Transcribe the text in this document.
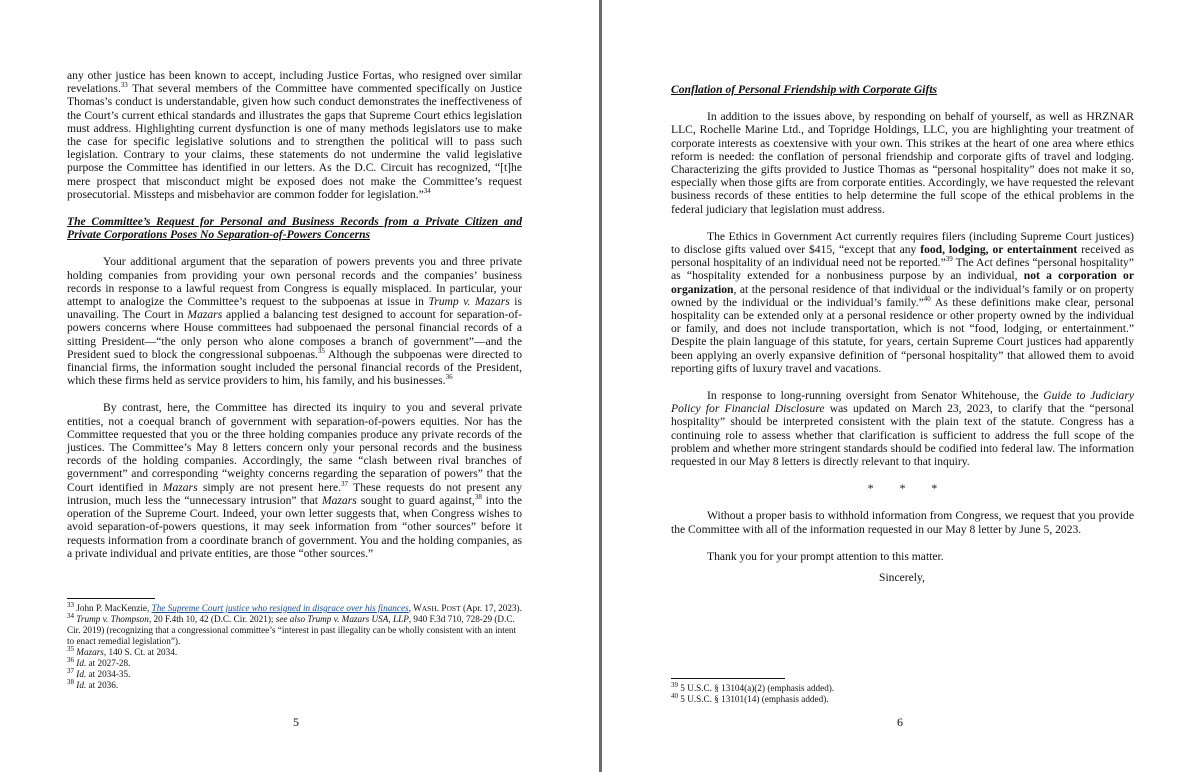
any other justice has been known to accept, including Justice Fortas, who resigned over similar revelations.$^{33}$ That several members of the Committee have commented specifically on Justice Thomas’s conduct is understandable, given how such conduct demonstrates the ineffectiveness of the Court’s current ethical standards and illustrates the gaps that Supreme Court ethics legislation must address. Highlighting current dysfunction is one of many methods legislators use to make the case for specific legislative solutions and to strengthen the political will to pass such legislation. Contrary to your claims, these statements do not undermine the valid legislative purpose the Committee has identified in our letters. As the D.C. Circuit has recognized, “[t]he mere prospect that misconduct might be exposed does not make the Committee’s request prosecutorial. Missteps and misbehavior are common fodder for legislation.”$^{34}$

The Committee’s Request for Personal and Business Records from a Private Citizen and Private Corporations Poses No Separation-of-Powers Concerns

Your additional argument that the separation of powers prevents you and three private holding companies from providing your own personal records and the companies’ business records in response to a lawful request from Congress is equally misplaced. In particular, your attempt to analogize the Committee’s request to the subpoenas at issue in Trump v. Mazars is unavailing. The Court in Mazars applied a balancing test designed to account for separation-of-powers concerns where House committees had subpoenaed the personal financial records of a sitting President—“the only person who alone composes a branch of government”—and the President sued to block the congressional subpoenas.$^{35}$ Although the subpoenas were directed to financial firms, the information sought included the personal financial records of the President, which these firms held as service providers to him, his family, and his businesses.$^{36}$

By contrast, here, the Committee has directed its inquiry to you and several private entities, not a coequal branch of government with separation-of-powers equities. Nor has the Committee requested that you or the three holding companies produce any private records of the justices. The Committee’s May 8 letters concern only your personal records and the business records of the holding companies. Accordingly, the same “clash between rival branches of government” and corresponding “weighty concerns regarding the separation of powers” that the Court identified in Mazars simply are not present here.$^{37}$ These requests do not present any intrusion, much less the “unnecessary intrusion” that Mazars sought to guard against,$^{38}$ into the operation of the Supreme Court. Indeed, your own letter suggests that, when Congress wishes to avoid separation-of-powers questions, it may seek information from “other sources” before it requests information from a coordinate branch of government. You and the holding companies, as a private individual and private entities, are those “other sources.”

$^{33}$ John P. MacKenzie, The Supreme Court justice who resigned in disgrace over his finances, WASH. POST (Apr. 17, 2023).

$^{34}$ Trump v. Thompson, 20 F.4th 10, 42 (D.C. Cir. 2021); see also Trump v. Mazars USA, LLP, 940 F.3d 710, 728-29 (D.C. Cir. 2019) (recognizing that a congressional committee’s “interest in past illegality can be wholly consistent with an intent to enact remedial legislation”).

$^{35}$ Mazars, 140 S. Ct. at 2034.

$^{36}$ Id. at 2027-28.

$^{37}$ Id. at 2034-35.

$^{38}$ Id. at 2036.

5

Conflation of Personal Friendship with Corporate Gifts

In addition to the issues above, by responding on behalf of yourself, as well as HRZNAR LLC, Rochelle Marine Ltd., and Topridge Holdings, LLC, you are highlighting your treatment of corporate interests as coextensive with your own. This strikes at the heart of one area where ethics reform is needed: the conflation of personal friendship and corporate gifts of travel and lodging. Characterizing the gifts provided to Justice Thomas as “personal hospitality” does not make it so, especially when those gifts are from corporate entities. Accordingly, we have requested the relevant business records of these entities to help determine the full scope of the ethical problems in the federal judiciary that legislation must address.

The Ethics in Government Act currently requires filers (including Supreme Court justices) to disclose gifts valued over $415, “except that any food, lodging, or entertainment received as personal hospitality of an individual need not be reported.”$^{39}$ The Act defines “personal hospitality” as “hospitality extended for a nonbusiness purpose by an individual, not a corporation or organization, at the personal residence of that individual or the individual’s family or on property owned by the individual or the individual’s family.”$^{40}$ As these definitions make clear, personal hospitality can be extended only at a personal residence or other property owned by the individual or family, and does not include transportation, which is not “food, lodging, or entertainment.” Despite the plain language of this statute, for years, certain Supreme Court justices had apparently been applying an overly expansive definition of “personal hospitality” that allowed them to avoid reporting gifts of luxury travel and vacations.

In response to long-running oversight from Senator Whitehouse, the Guide to Judiciary Policy for Financial Disclosure was updated on March 23, 2023, to clarify that the “personal hospitality” should be interpreted consistent with the plain text of the statute. Congress has a continuing role to assess whether that clarification is sufficient to address the full scope of the problem and whether more stringent standards should be codified into federal law. The information requested in our May 8 letters is directly relevant to that inquiry.

* * *

Without a proper basis to withhold information from Congress, we request that you provide the Committee with all of the information requested in our May 8 letter by June 5, 2023.

Thank you for your prompt attention to this matter.

Sincerely,

$^{39}$ 5 U.S.C. § 13104(a)(2) (emphasis added).

$^{40}$ 5 U.S.C. § 13101(14) (emphasis added).

6
